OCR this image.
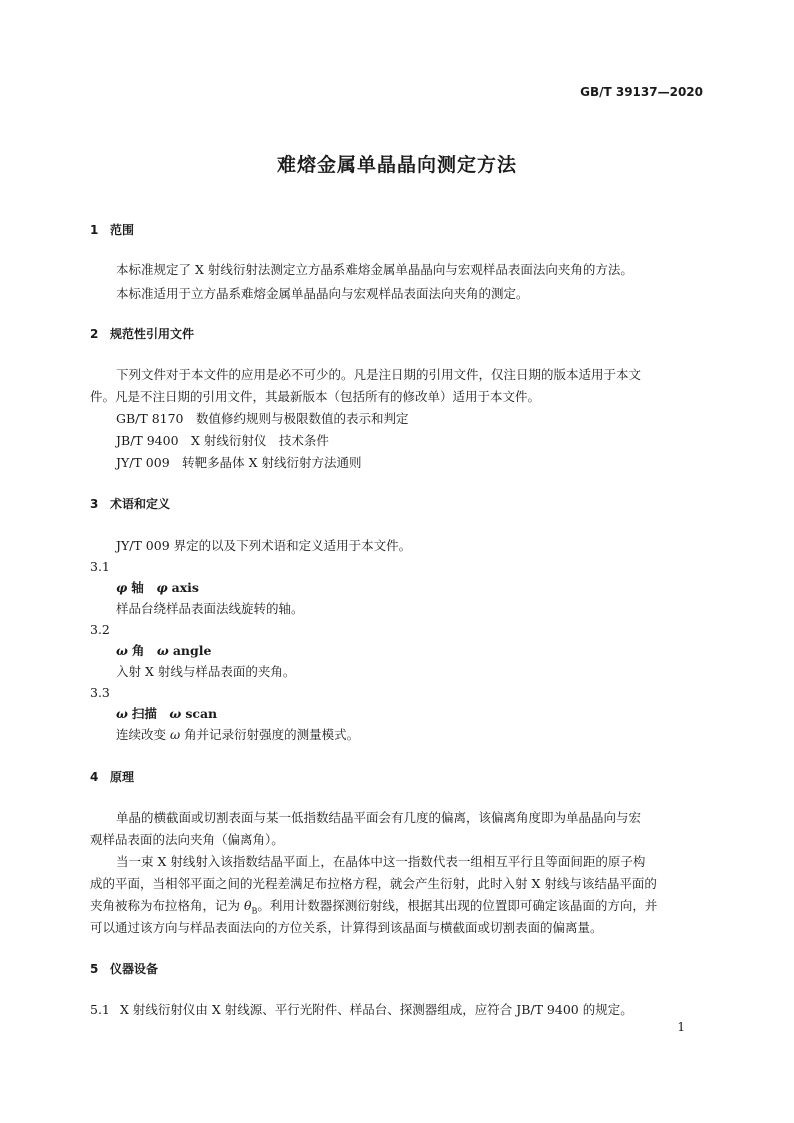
GB/T 39137—2020
难熔金属单晶晶向测定方法
1 范围
本标准规定了 X 射线衍射法测定立方晶系难熔金属单晶晶向与宏观样品表面法向夹角的方法。
本标准适用于立方晶系难熔金属单晶晶向与宏观样品表面法向夹角的测定。
2 规范性引用文件
下列文件对于本文件的应用是必不可少的。凡是注日期的引用文件，仅注日期的版本适用于本文
件。凡是不注日期的引用文件，其最新版本（包括所有的修改单）适用于本文件。
GB/T 8170　数值修约规则与极限数值的表示和判定
JB/T 9400　X 射线衍射仪　技术条件
JY/T 009　转靶多晶体 X 射线衍射方法通则
3 术语和定义
JY/T 009 界定的以及下列术语和定义适用于本文件。
3.1
φ 轴　 φ axis
样品台绕样品表面法线旋转的轴。
3.2
ω 角　 ω angle
入射 X 射线与样品表面的夹角。
3.3
ω 扫描　 ω scan
连续改变 ω 角并记录衍射强度的测量模式。
4 原理
单晶的横截面或切割表面与某一低指数结晶平面会有几度的偏离，该偏离角度即为单晶晶向与宏
观样品表面的法向夹角（偏离角）。
当一束 X 射线射入该指数结晶平面上，在晶体中这一指数代表一组相互平行且等面间距的原子构
成的平面，当相邻平面之间的光程差满足布拉格方程，就会产生衍射，此时入射 X 射线与该结晶平面的
夹角被称为布拉格角，记为 $\theta_B$。利用计数器探测衍射线，根据其出现的位置即可确定该晶面的方向，并
可以通过该方向与样品表面法向的方位关系，计算得到该晶面与横截面或切割表面的偏离量。
5 仪器设备
5.1 X 射线衍射仪由 X 射线源、平行光附件、样品台、探测器组成，应符合 JB/T 9400 的规定。
1
